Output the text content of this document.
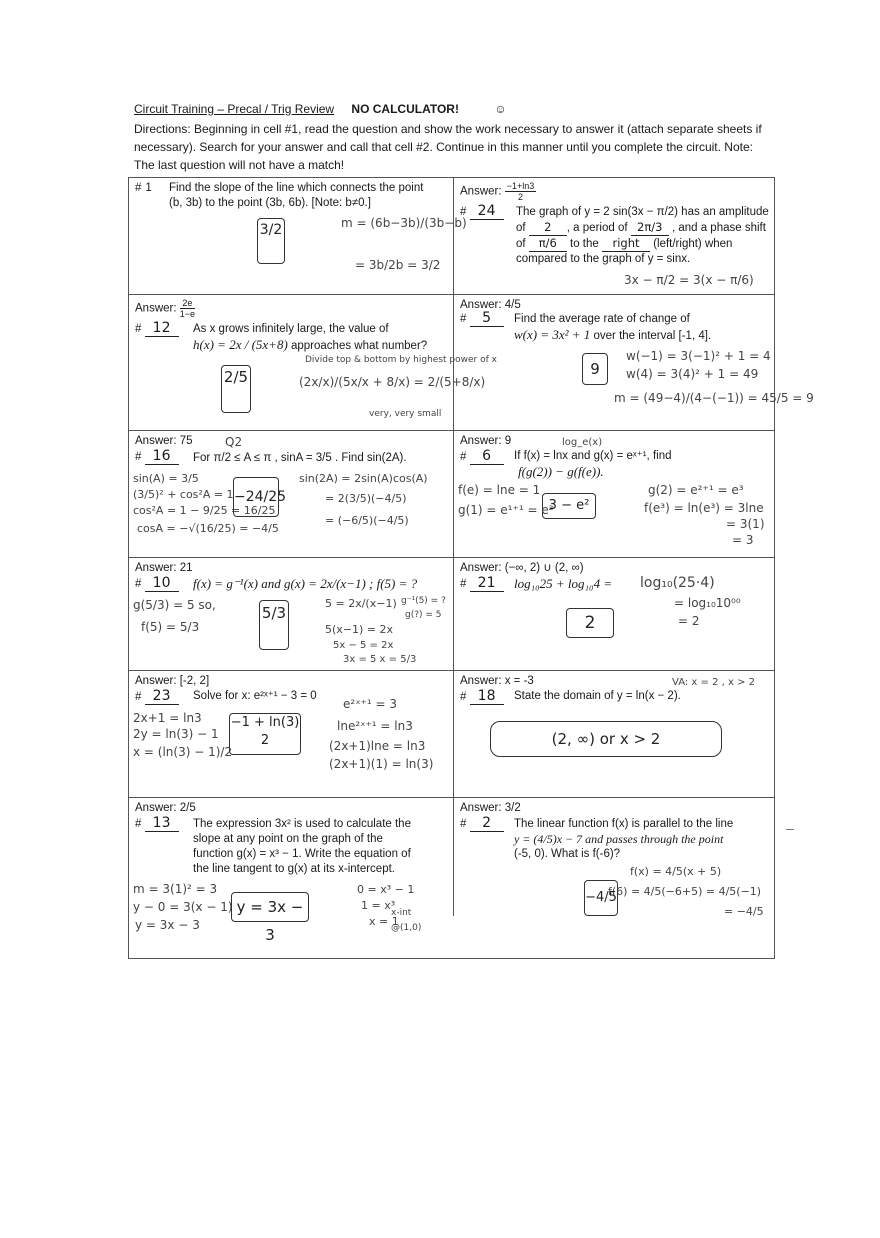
Circuit Training – Precal / Trig Review NO CALCULATOR!	☺
Directions: Beginning in cell #1, read the question and show the work necessary to answer it (attach separate sheets if necessary). Search for your answer and call that cell #2. Continue in this manner until you complete the circuit. Note: The last question will not have a match!
# 1 Find the slope of the line which connects the point (b, 3b) to the point (3b, 6b). [Note: b≠0.]
3/2	m = (6b−3b)/(3b−b)
= 3b/2b = 3/2
Answer: $\frac{-1+\ln 3}{2}$
# 24	The graph of y = 2 sin(3x − π/2) has an amplitude
of 2 , a period of 2π/3 , and a phase shift
of π/6 to the right (left/right) when
compared to the graph of y = sinx.
3x − π/2 = 3(x − π/6)
Answer: $\frac{2e}{1-e}$
# 12	As x grows infinitely large, the value of
h(x) = 2x / (5x+8) approaches what number?
2/5
Divide top & bottom by highest power of x
(2x/x)/(5x/x + 8/x) = 2/(5+8/x)
very, very small
Answer: 4/5
# 5	Find the average rate of change of
w(x) = 3x² + 1 over the interval [-1, 4].
9
w(−1) = 3(−1)² + 1 = 4
w(4) = 3(4)² + 1 = 49
m = (49−4)/(4−(−1)) = 45/5 = 9
Answer: 75	Q2
# 16	For π/2 ≤ A ≤ π , sinA = 3/5 . Find sin(2A).
sin(A) = 3/5
(3/5)² + cos²A = 1
cos²A = 1 − 9/25 = 16/25
cosA = −√(16/25) = −4/5
−24/25
sin(2A) = 2sin(A)cos(A)
= 2(3/5)(−4/5)
= (−6/5)(−4/5)
Answer: 9	log_e(x)
# 6	If f(x) = lnx and g(x) = eˣ⁺¹, find
f(g(2)) − g(f(e)).
f(e) = lne = 1
g(1) = e¹⁺¹ = e²
3 − e²
g(2) = e²⁺¹ = e³
f(e³) = ln(e³) = 3lne
= 3(1)
= 3
Answer: 21
# 10	f(x) = g⁻¹(x) and g(x) = 2x/(x−1) ; f(5) = ?
g(5/3) = 5 so,
f(5) = 5/3
5/3
5 = 2x/(x−1) g⁻¹(5) = ?
g(?) = 5
5(x−1) = 2x
5x − 5 = 2x
3x = 5 x = 5/3
Answer: (−∞, 2) ∪ (2, ∞)
# 21	log₁₀25 + log₁₀4 = log₁₀(25·4)
= log₁₀10⁰⁰
= 2
2
Answer: [-2, 2]
# 23	Solve for x: e²ˣ⁺¹ − 3 = 0
2x+1 = ln3
2y = ln(3) − 1
x = (ln(3) − 1)/2
−1 + ln(3)
2
e²ˣ⁺¹ = 3
lne²ˣ⁺¹ = ln3
(2x+1)lne = ln3
(2x+1)(1) = ln(3)
Answer: x = -3	VA: x = 2 , x > 2
# 18	State the domain of y = ln(x − 2).
(2, ∞) or x > 2
Answer: 2/5
# 13	The expression 3x² is used to calculate the
slope at any point on the graph of the
function g(x) = x³ − 1. Write the equation of
the line tangent to g(x) at its x-intercept.
m = 3(1)² = 3
y − 0 = 3(x − 1)
y = 3x − 3
y = 3x − 3
0 = x³ − 1
1 = x³
x = 1
x-int @(1,0)
Answer: 3/2
# 2	The linear function f(x) is parallel to the line
y = (4/5)x − 7 and passes through the point
(-5, 0). What is f(-6)?
f(x) = 4/5(x + 5)
f(6) = 4/5(−6+5) = 4/5(−1)
= −4/5
−4/5
